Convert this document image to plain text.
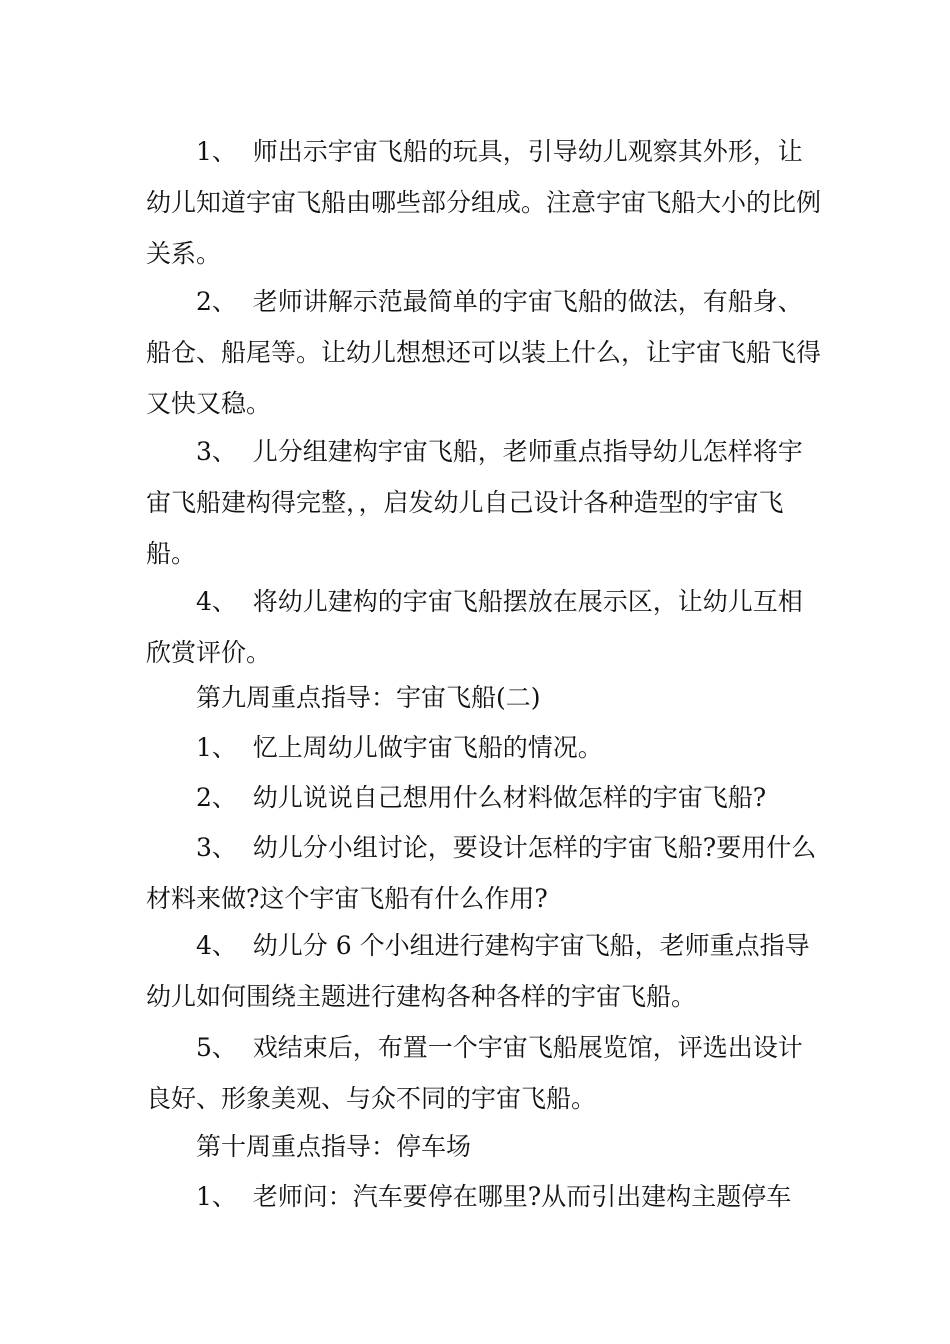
1、  师出示宇宙飞船的玩具，引导幼儿观察其外形，让幼儿知道宇宙飞船由哪些部分组成。注意宇宙飞船大小的比例关系。

2、  老师讲解示范最简单的宇宙飞船的做法，有船身、船仓、船尾等。让幼儿想想还可以装上什么，让宇宙飞船飞得又快又稳。

3、  儿分组建构宇宙飞船，老师重点指导幼儿怎样将宇宙飞船建构得完整，，启发幼儿自己设计各种造型的宇宙飞船。

4、  将幼儿建构的宇宙飞船摆放在展示区，让幼儿互相欣赏评价。

第九周重点指导：宇宙飞船(二)

1、  忆上周幼儿做宇宙飞船的情况。

2、  幼儿说说自己想用什么材料做怎样的宇宙飞船?

3、  幼儿分小组讨论，要设计怎样的宇宙飞船?要用什么材料来做?这个宇宙飞船有什么作用?

4、  幼儿分 6 个小组进行建构宇宙飞船，老师重点指导幼儿如何围绕主题进行建构各种各样的宇宙飞船。

5、  戏结束后，布置一个宇宙飞船展览馆，评选出设计良好、形象美观、与众不同的宇宙飞船。

第十周重点指导：停车场

1、  老师问：汽车要停在哪里?从而引出建构主题停车
